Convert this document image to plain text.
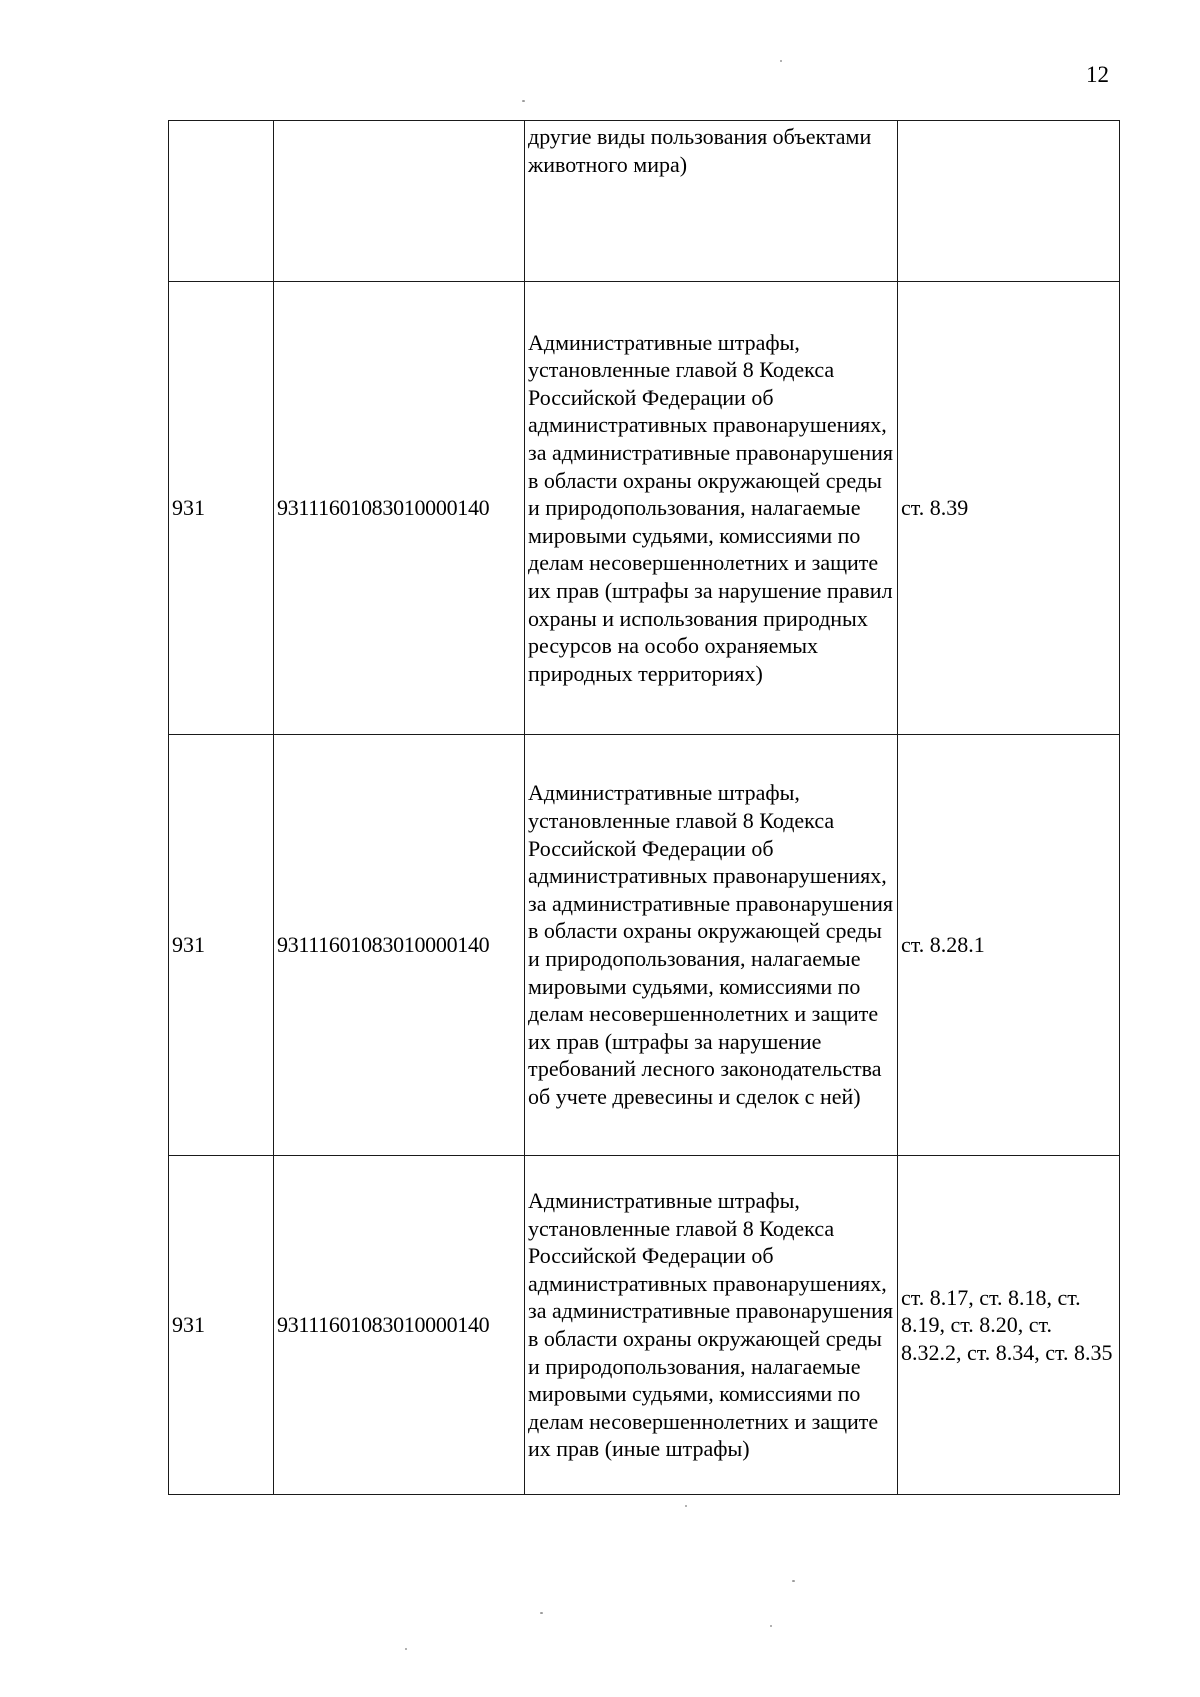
12
		другие виды пользования объектами животного мира)	
931	93111601083010000140	Административные штрафы, установленные главой 8 Кодекса Российской Федерации об административных правонарушениях, за административные правонарушения в области охраны окружающей среды и природопользования, налагаемые мировыми судьями, комиссиями по делам несовершеннолетних и защите их прав (штрафы за нарушение правил охраны и использования природных ресурсов на особо охраняемых природных территориях)	ст. 8.39
931	93111601083010000140	Административные штрафы, установленные главой 8 Кодекса Российской Федерации об административных правонарушениях, за административные правонарушения в области охраны окружающей среды и природопользования, налагаемые мировыми судьями, комиссиями по делам несовершеннолетних и защите их прав (штрафы за нарушение требований лесного законодательства об учете древесины и сделок с ней)	ст. 8.28.1
931	93111601083010000140	Административные штрафы, установленные главой 8 Кодекса Российской Федерации об административных правонарушениях, за административные правонарушения в области охраны окружающей среды и природопользования, налагаемые мировыми судьями, комиссиями по делам несовершеннолетних и защите их прав (иные штрафы)	ст. 8.17, ст. 8.18, ст. 8.19, ст. 8.20, ст. 8.32.2, ст. 8.34, ст. 8.35
